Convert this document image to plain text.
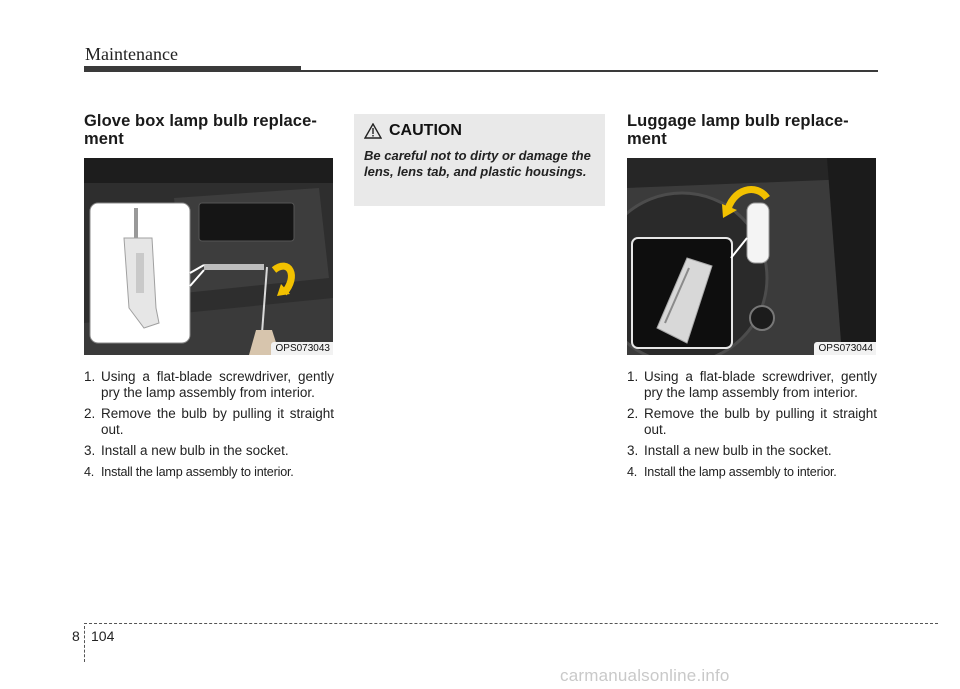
Maintenance
Glove box lamp bulb replace-
ment
OPS073043
1. Using a flat-blade screwdriver, gently pry the lamp assembly from interior.
2. Remove the bulb by pulling it straight out.
3. Install a new bulb in the socket.
4. Install the lamp assembly to interior.
CAUTION
Be careful not to dirty or damage the lens, lens tab, and plastic housings.
Luggage lamp bulb replace-
ment
OPS073044
1. Using a flat-blade screwdriver, gently pry the lamp assembly from interior.
2. Remove the bulb by pulling it straight out.
3. Install a new bulb in the socket.
4. Install the lamp assembly to interior.
8 104
carmanualsonline.info
